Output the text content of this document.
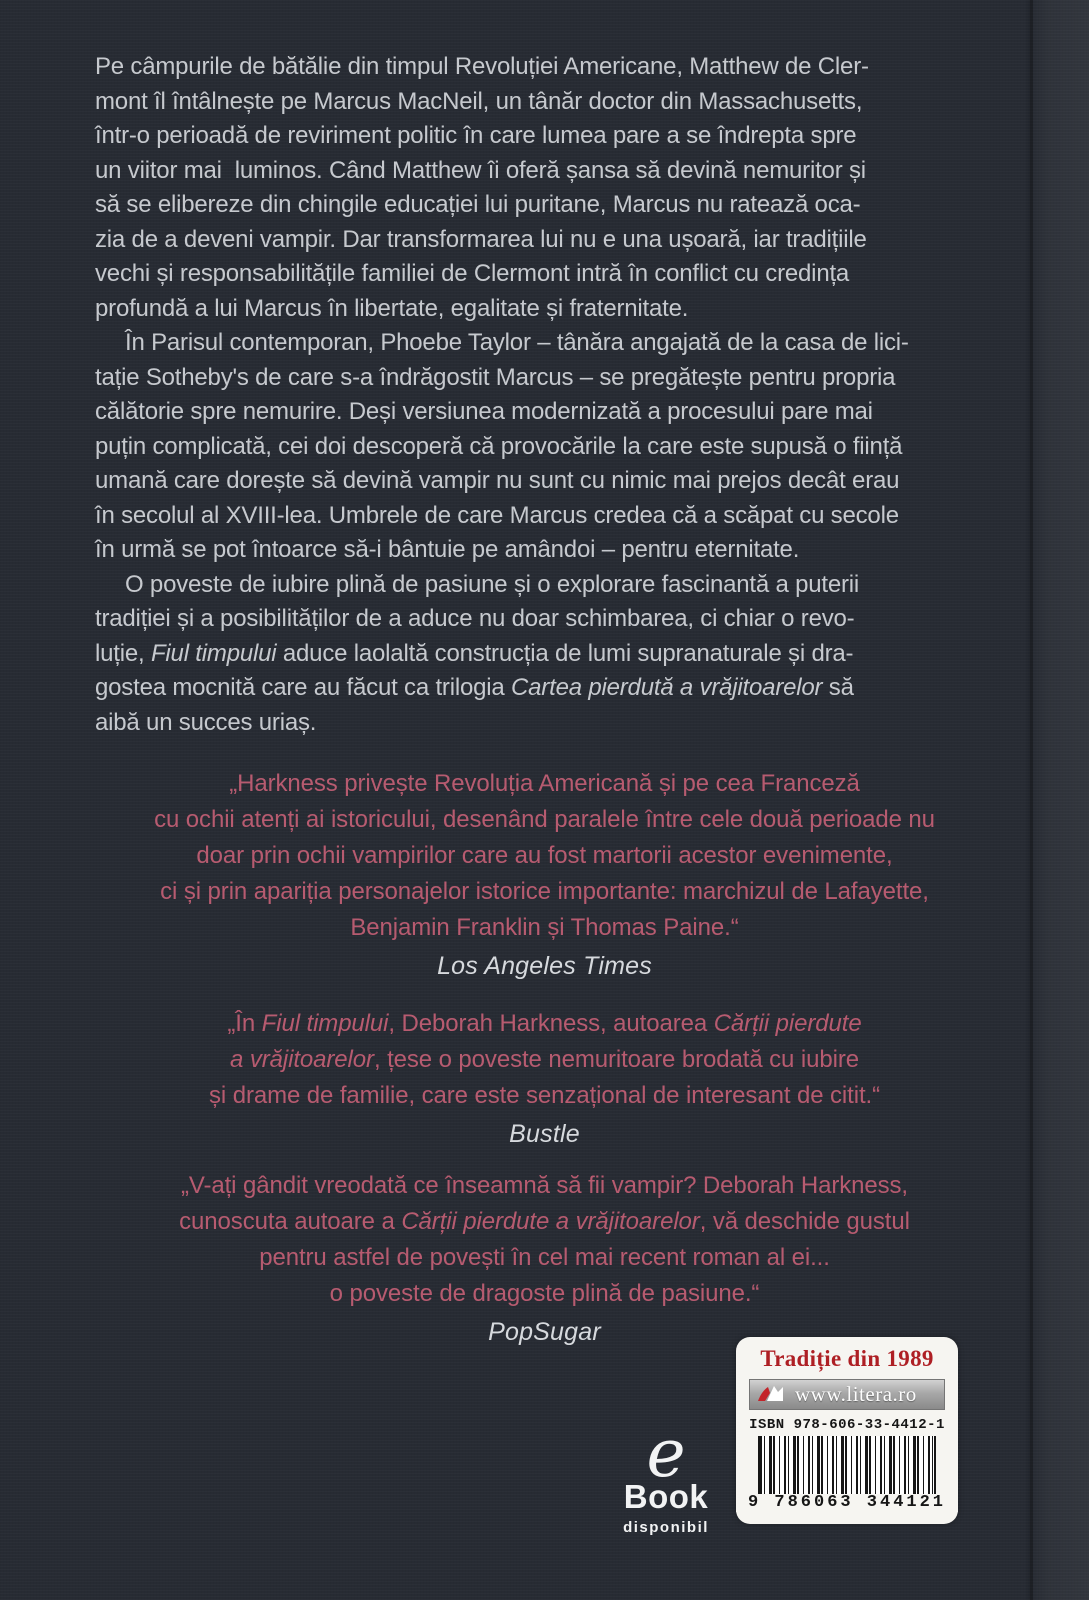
Pe câmpurile de bătălie din timpul Revoluției Americane, Matthew de Cler-
mont îl întâlnește pe Marcus MacNeil, un tânăr doctor din Massachusetts,
într-o perioadă de reviriment politic în care lumea pare a se îndrepta spre
un viitor mai  luminos. Când Matthew îi oferă șansa să devină nemuritor și
să se elibereze din chingile educației lui puritane, Marcus nu ratează oca-
zia de a deveni vampir. Dar transformarea lui nu e una ușoară, iar tradițiile
vechi și responsabilitățile familiei de Clermont intră în conflict cu credința
profundă a lui Marcus în libertate, egalitate și fraternitate.

În Parisul contemporan, Phoebe Taylor – tânăra angajată de la casa de lici-
tație Sotheby's de care s-a îndrăgostit Marcus – se pregătește pentru propria
călătorie spre nemurire. Deși versiunea modernizată a procesului pare mai
puțin complicată, cei doi descoperă că provocările la care este supusă o ființă
umană care dorește să devină vampir nu sunt cu nimic mai prejos decât erau
în secolul al XVIII-lea. Umbrele de care Marcus credea că a scăpat cu secole
în urmă se pot întoarce să-i bântuie pe amândoi – pentru eternitate.

O poveste de iubire plină de pasiune și o explorare fascinantă a puterii
tradiției și a posibilităților de a aduce nu doar schimbarea, ci chiar o revo-
luție, Fiul timpului aduce laolaltă construcția de lumi supranaturale și dra-
gostea mocnită care au făcut ca trilogia Cartea pierdută a vrăjitoarelor să
aibă un succes uriaș.

„Harkness privește Revoluția Americană și pe cea Franceză
cu ochii atenți ai istoricului, desenând paralele între cele două perioade nu
doar prin ochii vampirilor care au fost martorii acestor evenimente,
ci și prin apariția personajelor istorice importante: marchizul de Lafayette,
Benjamin Franklin și Thomas Paine.“
Los Angeles Times
„În Fiul timpului, Deborah Harkness, autoarea Cărții pierdute
a vrăjitoarelor, țese o poveste nemuritoare brodată cu iubire
și drame de familie, care este senzațional de interesant de citit.“
Bustle
„V-ați gândit vreodată ce înseamnă să fii vampir? Deborah Harkness,
cunoscuta autoare a Cărții pierdute a vrăjitoarelor, vă deschide gustul
pentru astfel de povești în cel mai recent roman al ei...
o poveste de dragoste plină de pasiune.“
PopSugar
e
Book
disponibil
Tradiție din 1989
www.litera.ro
ISBN 978-606-33-4412-1
9 786063 344121
